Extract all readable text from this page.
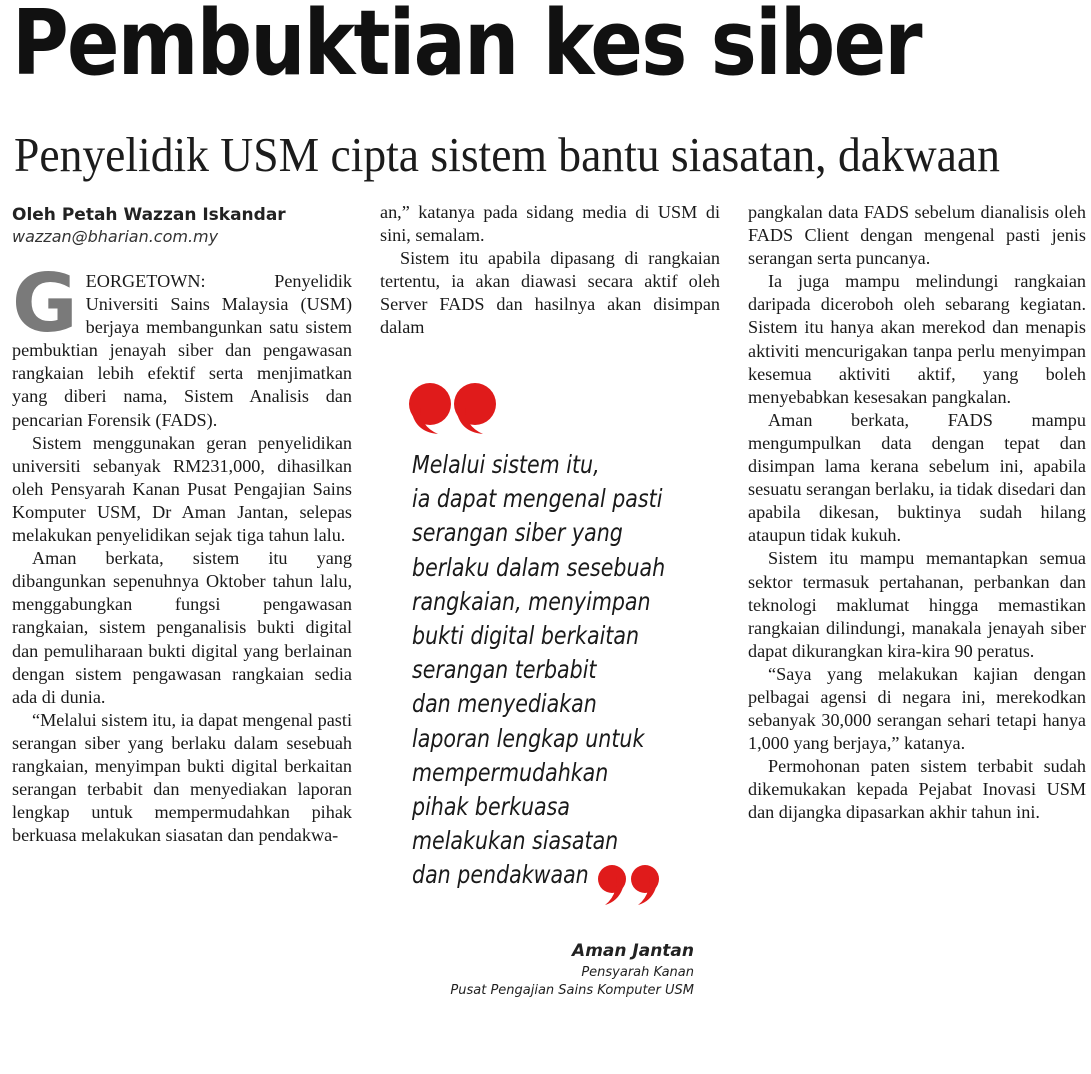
Pembuktian kes siber
Penyelidik USM cipta sistem bantu siasatan, dakwaan
Oleh Petah Wazzan Iskandar
wazzan@bharian.com.my
G EORGETOWN: Penyelidik Universiti Sains Malaysia (USM) berjaya membangunkan satu sistem pembuktian jenayah siber dan pengawasan rangkaian lebih efektif serta menjimatkan yang diberi nama, Sistem Analisis dan pencarian Forensik (FADS).

Sistem menggunakan geran penyelidikan universiti sebanyak RM231,000, dihasilkan oleh Pensyarah Kanan Pusat Pengajian Sains Komputer USM, Dr Aman Jantan, selepas melakukan penyelidikan sejak tiga tahun lalu.

Aman berkata, sistem itu yang dibangunkan sepenuhnya Oktober tahun lalu, menggabungkan fungsi pengawasan rangkaian, sistem penganalisis bukti digital dan pemuliharaan bukti digital yang berlainan dengan sistem pengawasan rangkaian sedia ada di dunia.

“Melalui sistem itu, ia dapat mengenal pasti serangan siber yang berlaku dalam sesebuah rangkaian, menyimpan bukti digital berkaitan serangan terbabit dan menyediakan laporan lengkap untuk mempermudahkan pihak berkuasa melakukan siasatan dan pendakwa-

an,” katanya pada sidang media di USM di sini, semalam.

Sistem itu apabila dipasang di rangkaian tertentu, ia akan diawasi secara aktif oleh Server FADS dan hasilnya akan disimpan dalam

Melalui sistem itu,
ia dapat mengenal pasti
serangan siber yang
berlaku dalam sesebuah
rangkaian, menyimpan
bukti digital berkaitan
serangan terbabit
dan menyediakan
laporan lengkap untuk
mempermudahkan
pihak berkuasa
melakukan siasatan
dan pendakwaan
Aman Jantan
Pensyarah Kanan
Pusat Pengajian Sains Komputer USM

pangkalan data FADS sebelum dianalisis oleh FADS Client dengan mengenal pasti jenis serangan serta puncanya.

Ia juga mampu melindungi rangkaian daripada diceroboh oleh sebarang kegiatan. Sistem itu hanya akan merekod dan menapis aktiviti mencurigakan tanpa perlu menyimpan kesemua aktiviti aktif, yang boleh menyebabkan kesesakan pangkalan.

Aman berkata, FADS mampu mengumpulkan data dengan tepat dan disimpan lama kerana sebelum ini, apabila sesuatu serangan berlaku, ia tidak disedari dan apabila dikesan, buktinya sudah hilang ataupun tidak kukuh.

Sistem itu mampu memantapkan semua sektor termasuk pertahanan, perbankan dan teknologi maklumat hingga memastikan rangkaian dilindungi, manakala jenayah siber dapat dikurangkan kira-kira 90 peratus.

“Saya yang melakukan kajian dengan pelbagai agensi di negara ini, merekodkan sebanyak 30,000 serangan sehari tetapi hanya 1,000 yang berjaya,” katanya.

Permohonan paten sistem terbabit sudah dikemukakan kepada Pejabat Inovasi USM dan dijangka dipasarkan akhir tahun ini.
